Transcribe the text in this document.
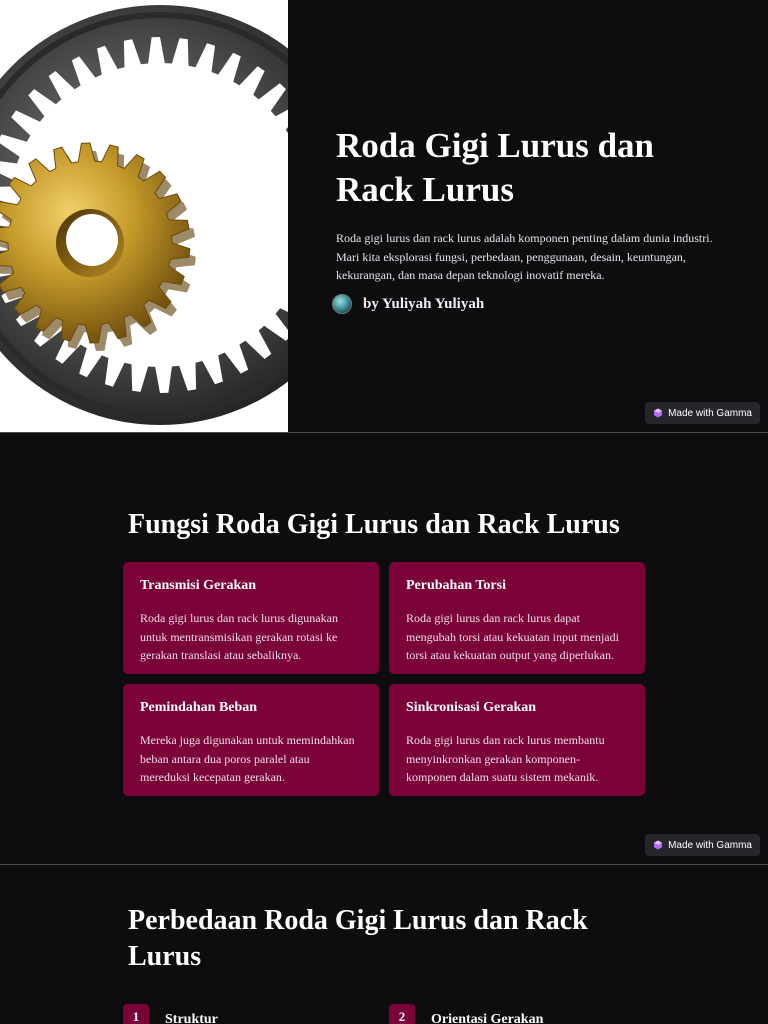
Roda Gigi Lurus dan Rack Lurus

Roda gigi lurus dan rack lurus adalah komponen penting dalam dunia industri. Mari kita eksplorasi fungsi, perbedaan, penggunaan, desain, keuntungan, kekurangan, dan masa depan teknologi inovatif mereka.

by Yuliyah Yuliyah
Made with Gamma
Fungsi Roda Gigi Lurus dan Rack Lurus
Transmisi Gerakan

Roda gigi lurus dan rack lurus digunakan untuk mentransmisikan gerakan rotasi ke gerakan translasi atau sebaliknya.

Perubahan Torsi

Roda gigi lurus dan rack lurus dapat mengubah torsi atau kekuatan input menjadi torsi atau kekuatan output yang diperlukan.

Pemindahan Beban

Mereka juga digunakan untuk memindahkan beban antara dua poros paralel atau mereduksi kecepatan gerakan.

Sinkronisasi Gerakan

Roda gigi lurus dan rack lurus membantu menyinkronkan gerakan komponen-komponen dalam suatu sistem mekanik.

Made with Gamma
Perbedaan Roda Gigi Lurus dan Rack Lurus
1	Struktur	2	Orientasi Gerakan
